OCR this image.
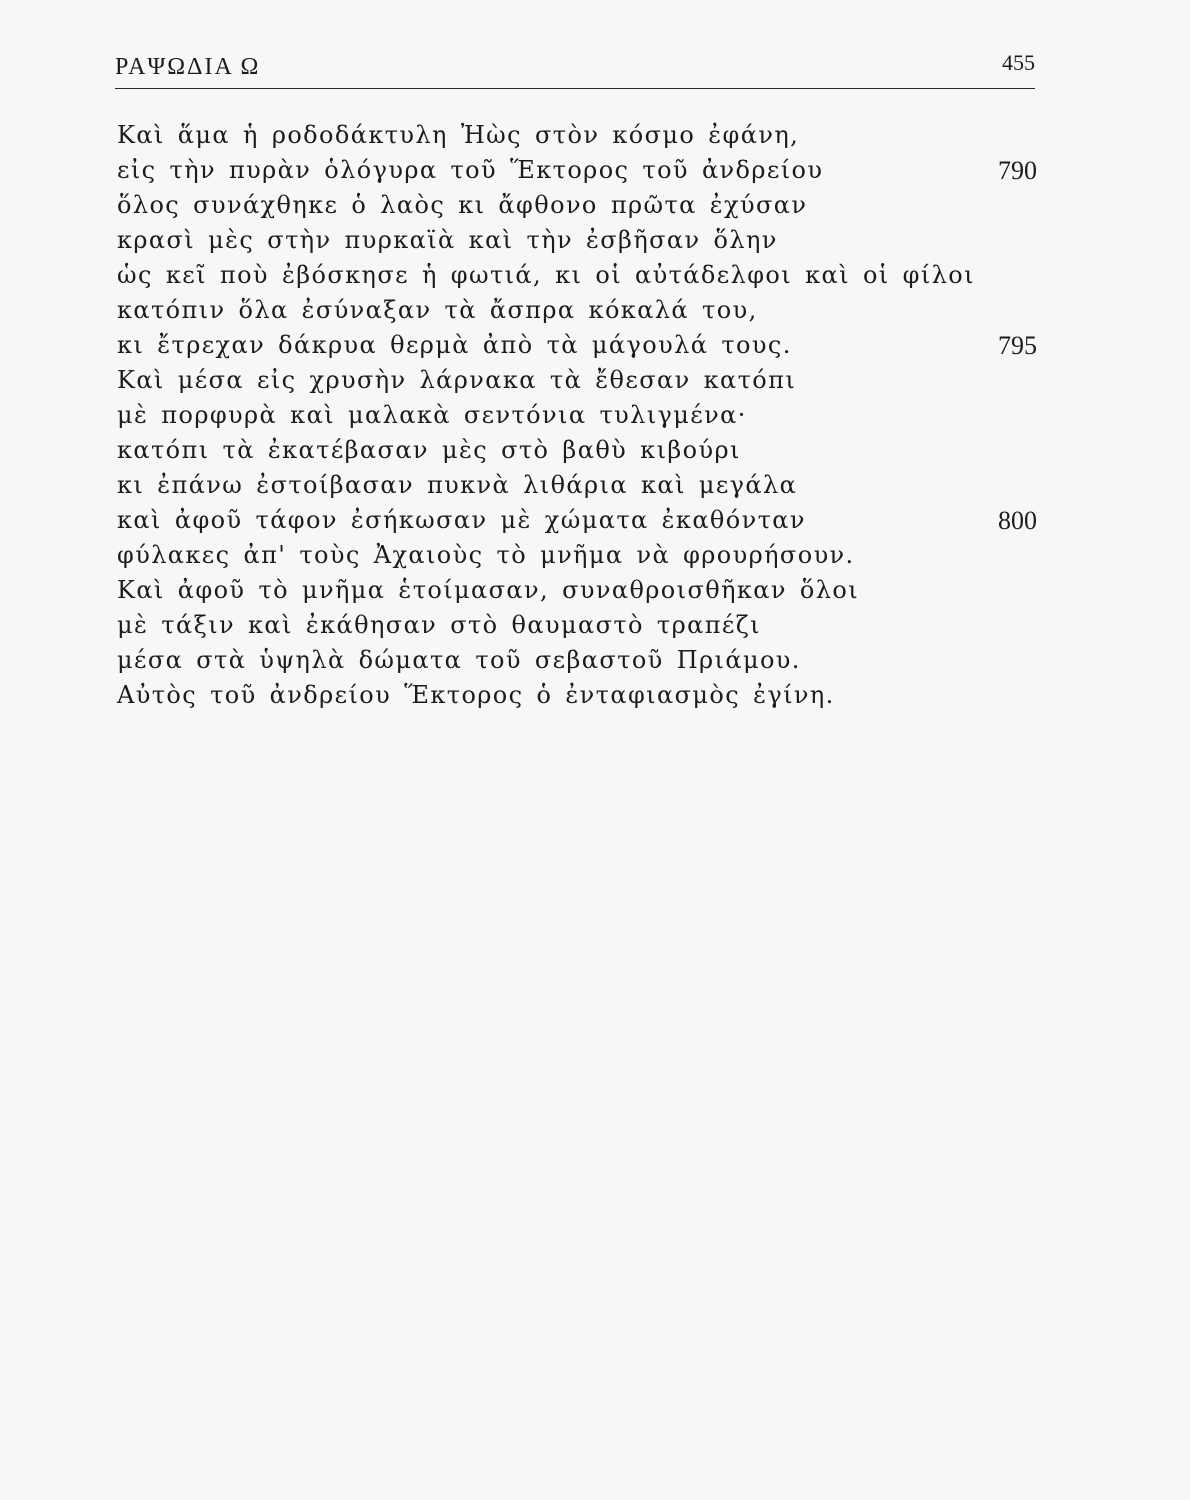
ΡΑΨΩΔΙΑ Ω	455
Καὶ ἅμα ἡ ροδοδάκτυλη Ἠὼς στὸν κόσμο ἐφάνη,
εἰς τὴν πυρὰν ὁλόγυρα τοῦ Ἕκτορος τοῦ ἀνδρείου	790
ὅλος συνάχθηκε ὁ λαὸς κι ἄφθονο πρῶτα ἐχύσαν
κρασὶ μὲς στὴν πυρκαϊὰ καὶ τὴν ἐσβῆσαν ὅλην
ὡς κεῖ ποὺ ἐβόσκησε ἡ φωτιά, κι οἱ αὐτάδελφοι καὶ οἱ φίλοι
κατόπιν ὅλα ἐσύναξαν τὰ ἄσπρα κόκαλά του,
κι ἔτρεχαν δάκρυα θερμὰ ἀπὸ τὰ μάγουλά τους.	795
Καὶ μέσα εἰς χρυσὴν λάρνακα τὰ ἔθεσαν κατόπι
μὲ πορφυρὰ καὶ μαλακὰ σεντόνια τυλιγμένα·
κατόπι τὰ ἐκατέβασαν μὲς στὸ βαθὺ κιβούρι
κι ἐπάνω ἐστοίβασαν πυκνὰ λιθάρια καὶ μεγάλα
καὶ ἀφοῦ τάφον ἐσήκωσαν μὲ χώματα ἐκαθόνταν	800
φύλακες ἀπ' τοὺς Ἀχαιοὺς τὸ μνῆμα νὰ φρουρήσουν.
Καὶ ἀφοῦ τὸ μνῆμα ἑτοίμασαν, συναθροισθῆκαν ὅλοι
μὲ τάξιν καὶ ἐκάθησαν στὸ θαυμαστὸ τραπέζι
μέσα στὰ ὑψηλὰ δώματα τοῦ σεβαστοῦ Πριάμου.
Αὐτὸς τοῦ ἀνδρείου Ἕκτορος ὁ ἐνταφιασμὸς ἐγίνη.
